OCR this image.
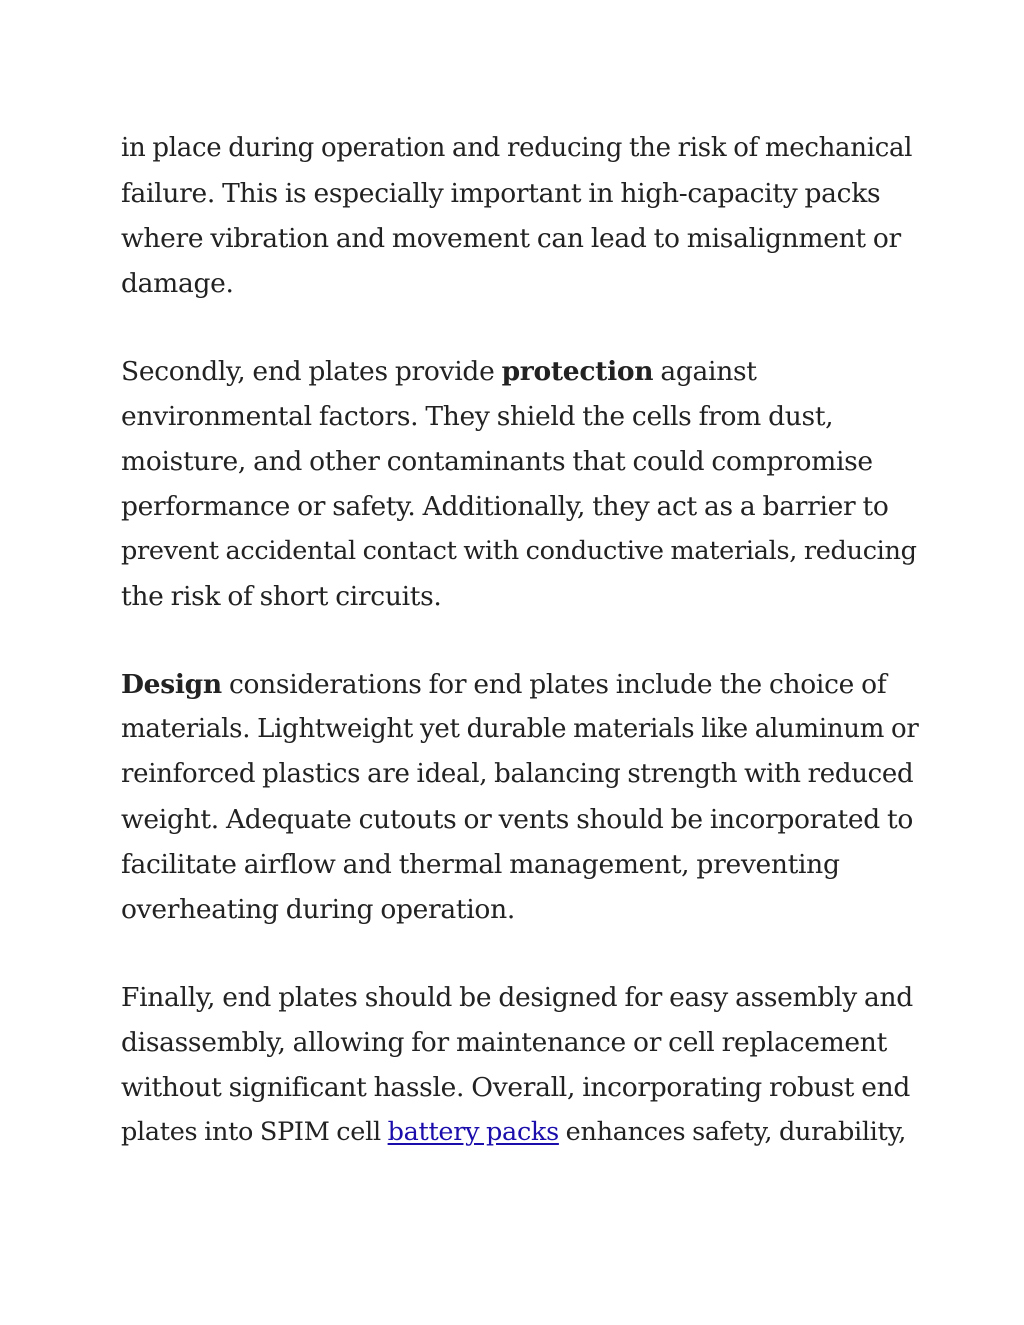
in place during operation and reducing the risk of mechanical
failure. This is especially important in high-capacity packs
where vibration and movement can lead to misalignment or
damage.

Secondly, end plates provide protection against
environmental factors. They shield the cells from dust,
moisture, and other contaminants that could compromise
performance or safety. Additionally, they act as a barrier to
prevent accidental contact with conductive materials, reducing
the risk of short circuits.

Design considerations for end plates include the choice of
materials. Lightweight yet durable materials like aluminum or
reinforced plastics are ideal, balancing strength with reduced
weight. Adequate cutouts or vents should be incorporated to
facilitate airflow and thermal management, preventing
overheating during operation.

Finally, end plates should be designed for easy assembly and
disassembly, allowing for maintenance or cell replacement
without significant hassle. Overall, incorporating robust end
plates into SPIM cell battery packs enhances safety, durability,
